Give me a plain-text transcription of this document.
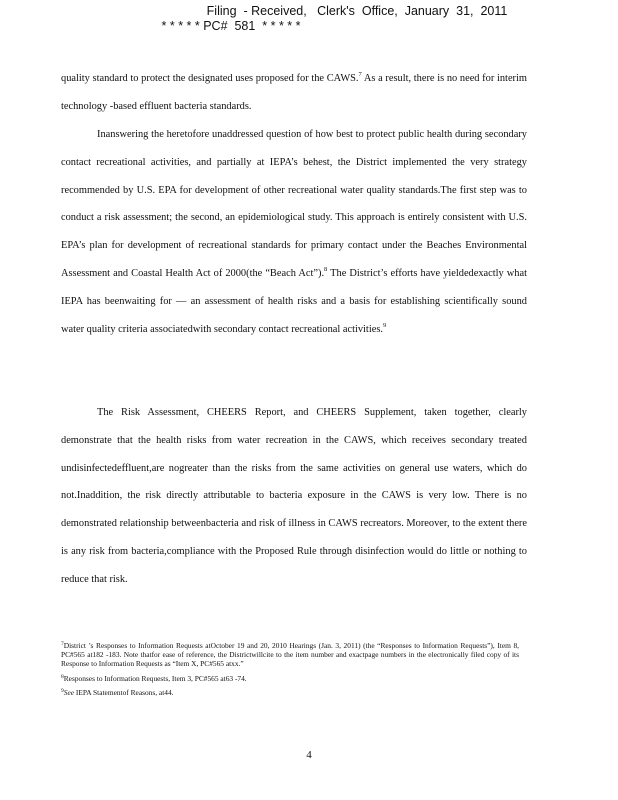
Filing  - Received,   Clerk's  Office,  January  31,  2011
* * * * * PC#  581  * * * * *

quality standard to protect the designated uses proposed for the CAWS.$^7$ As a result, there is no need for interim technology -based effluent bacteria standards.

Inanswering the heretofore unaddressed question of how best to protect public health during secondary contact recreational activities, and partially at IEPA’s behest, the District implemented the very strategy recommended by U.S. EPA for development of other recreational water quality standards.The first step was to conduct a risk assessment; the second, an epidemiological study. This approach is entirely consistent with U.S. EPA’s plan for development of recreational standards for primary contact under the Beaches Environmental Assessment and Coastal Health Act of 2000(the “Beach Act”).$^8$ The District’s efforts have yieldedexactly what IEPA has beenwaiting for — an assessment of health risks and a basis for establishing scientifically sound water quality criteria associatedwith secondary contact recreational activities.$^9$

The Risk Assessment, CHEERS Report, and CHEERS Supplement, taken together, clearly demonstrate that the health risks from water recreation in the CAWS, which receives secondary treated undisinfectedeffluent,are nogreater than the risks from the same activities on general use waters, which do not.Inaddition, the risk directly attributable to bacteria exposure in the CAWS is very low. There is no demonstrated relationship betweenbacteria and risk of illness in CAWS recreators. Moreover, to the extent there is any risk from bacteria,compliance with the Proposed Rule through disinfection would do little or nothing to reduce that risk.

$^7$District ’s Responses to Information Requests atOctober 19 and 20, 2010 Hearings (Jan. 3, 2011) (the “Responses to Information Requests”), Item 8, PC#565 at182 -183. Note thatfor ease of reference, the Districtwillcite to the item number and exactpage numbers in the electronically filed copy of its Response to Information Requests as “Item X, PC#565 atxx.”

$^8$Responses to Information Requests, Item 3, PC#565 at63 -74.

$^9$See IEPA Statementof Reasons, at44.

4
